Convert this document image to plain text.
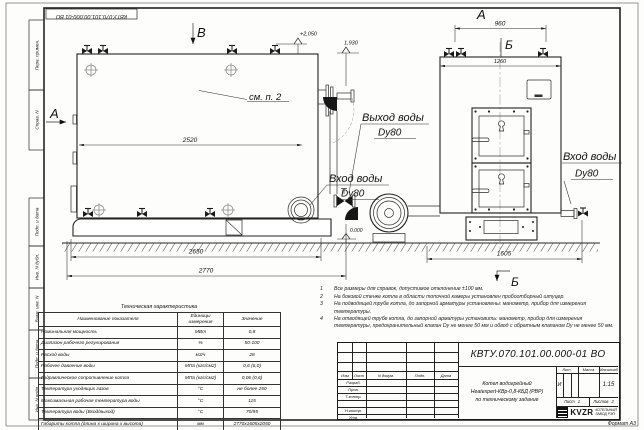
2520
2650
2770
+2,050
1,930
0.000
В
А
см. п. 2
Выход воды
Dy80
Вход воды
Dy80
960
1260
1605
Б
А
Вход воды
Dy80
Б
КВТУ.070.101.00.000-01 ВО
Перв. примен.
Справ. N
Подп. и дата
Инв. N дубл.
Взам. инв. N
Подп. и дата
Инв. N подл.
1	Все размеры для справок, допустимое отклонение ±100 мм.
2	На боковой стенке котла в области топочной камеры установлен пробоотборный штуцер.
3	На подводящей трубе котла, до запорной арматуры установлены: манометр, прибор для измерения температуры.
4	На отводящей трубе котла, до запорной арматуры установить: манометр, прибор для измерения температуры, предохранительный клапан Dу не менее 50 мм и обвод с обратным клапаном Dу не менее 50 мм.
Техническая характеристика
Наименование показателя	Единицы измерения	Значение
Номинальная мощность	МВт	0,8
Диапазон рабочего регулирования	%	50-100
Расход воды	м3/ч	28
Рабочее давление воды	МПа (кгс/см2)	0,6 (6,0)
Гидравлическое сопротивление котла	МПа (кгс/см2)	0,06 (0,6)
Температура уходящих газов	°С	не более 250
Максимальная рабочая температура воды	°С	115
Температура воды (Вход/выход)	°С	70/95
Габариты котла (длина х ширина х высота)	мм	2770х1605х2050
Изм	Лист	N докум.	Подп.	Дата
Разраб.
Пров.
Т.контр.
Н.контр.
Утв.
КВТУ.070.101.00.000-01 ВО
Котел водогрейный
Heatexpert-КВр-0,8-КБД (РВР)
по техническому задание
Лит.	Масса	Масштаб
И	1:15
Лист 1	Листов 2
KVZR КОТЕЛЬНЫЙ
ЗАВОД РЭП
Формат А3
